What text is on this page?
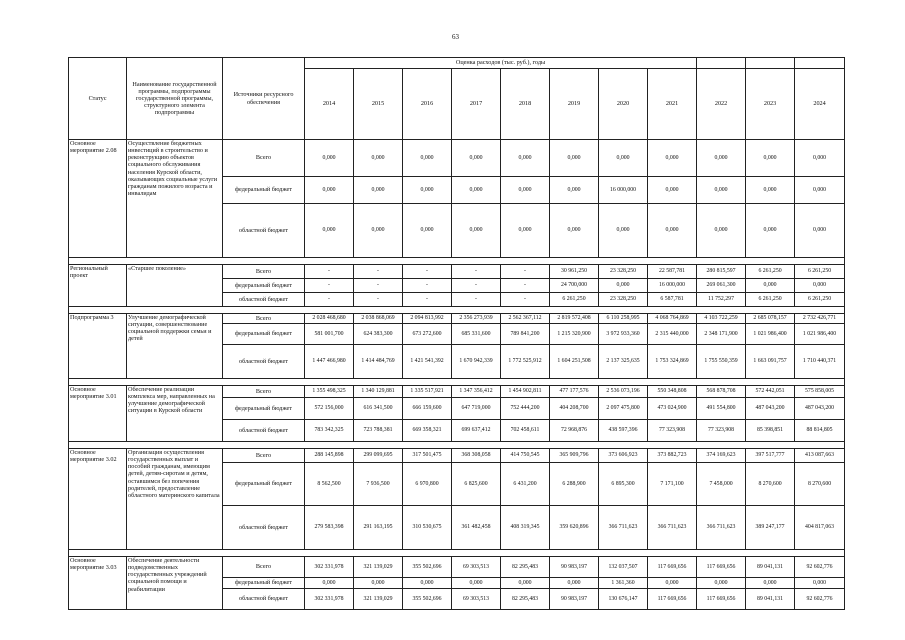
63
Статус	Наименование государственной программы, подпрограммы государственной программы, структурного элемента подпрограммы	Источники ресурсного обеспечения	Оценка расходов (тыс. руб.), годы										
			2014	2015	2016	2017	2018	2019	2020	2021	2022	2023	2024
Основное мероприятие 2.08	Осуществление бюджетных инвестиций в строительство и реконструкцию объектов социального обслуживания населения Курской области, оказывающих социальные услуги гражданам пожилого возраста и инвалидам	Всего	0,000	0,000	0,000	0,000	0,000	0,000	0,000	0,000	0,000	0,000	0,000
		федеральный бюджет	0,000	0,000	0,000	0,000	0,000	0,000	16 000,000	0,000	0,000	0,000	0,000
		областной бюджет	0,000	0,000	0,000	0,000	0,000	0,000	0,000	0,000	0,000	0,000	0,000

Региональный проект	«Старшее поколение»	Всего	-	-	-	-	-	30 961,250	23 328,250	22 587,781	280 815,597	6 261,250	6 261,250
		федеральный бюджет	-	-	-	-	-	24 700,000	0,000	16 000,000	269 061,300	0,000	0,000
		областной бюджет	-	-	-	-	-	6 261,250	23 328,250	6 587,781	11 752,297	6 261,250	6 261,250

Подпрограмма 3	Улучшение демографической ситуации, совершенствование социальной поддержки семьи и детей	Всего	2 028 468,680	2 038 868,069	2 094 813,992	2 356 273,939	2 562 367,112	2 819 572,408	6 110 258,995	4 068 764,869	4 103 722,259	2 685 078,157	2 732 426,771
		федеральный бюджет	581 001,700	624 383,300	673 272,600	685 331,600	789 841,200	1 215 320,900	3 972 933,360	2 315 440,000	2 348 171,900	1 021 986,400	1 021 986,400
		областной бюджет	1 447 466,980	1 414 484,769	1 421 541,392	1 670 942,339	1 772 525,912	1 604 251,508	2 137 325,635	1 753 324,869	1 755 550,359	1 663 091,757	1 710 440,371

Основное мероприятие 3.01	Обеспечение реализации комплекса мер, направленных на улучшение демографической ситуации в Курской области	Всего	1 355 498,325	1 340 129,881	1 335 517,921	1 347 356,412	1 454 902,811	477 177,576	2 536 073,196	550 348,808	568 878,708	572 442,051	575 858,005
		федеральный бюджет	572 156,000	616 341,500	666 159,600	647 719,000	752 444,200	404 208,700	2 097 475,800	473 024,900	491 554,800	487 043,200	487 043,200
		областной бюджет	783 342,325	723 788,381	669 358,321	699 637,412	702 458,611	72 968,876	438 597,396	77 323,908	77 323,908	85 398,851	88 814,805

Основное мероприятие 3.02	Организация осуществления государственных выплат и пособий гражданам, имеющим детей, детям-сиротам и детям, оставшимся без попечения родителей, предоставление областного материнского капитала	Всего	288 145,898	299 099,695	317 501,475	368 308,058	414 750,545	365 909,796	373 606,923	373 882,723	374 169,623	397 517,777	413 087,663
		федеральный бюджет	8 562,500	7 936,500	6 970,800	6 825,600	6 431,200	6 288,900	6 895,300	7 171,100	7 458,000	8 270,600	8 270,600
		областной бюджет	279 583,398	291 163,195	310 530,675	361 482,458	408 319,345	359 620,896	366 711,623	366 711,623	366 711,623	389 247,177	404 817,063

Основное мероприятие 3.03	Обеспечение деятельности подведомственных государственных учреждений социальной помощи и реабилитации	Всего	302 331,978	321 139,029	355 502,696	69 303,513	82 295,483	90 983,197	132 037,507	117 669,656	117 669,656	89 041,131	92 602,776
		федеральный бюджет	0,000	0,000	0,000	0,000	0,000	0,000	1 361,360	0,000	0,000	0,000	0,000
		областной бюджет	302 331,978	321 139,029	355 502,696	69 303,513	82 295,483	90 983,197	130 676,147	117 669,656	117 669,656	89 041,131	92 602,776
